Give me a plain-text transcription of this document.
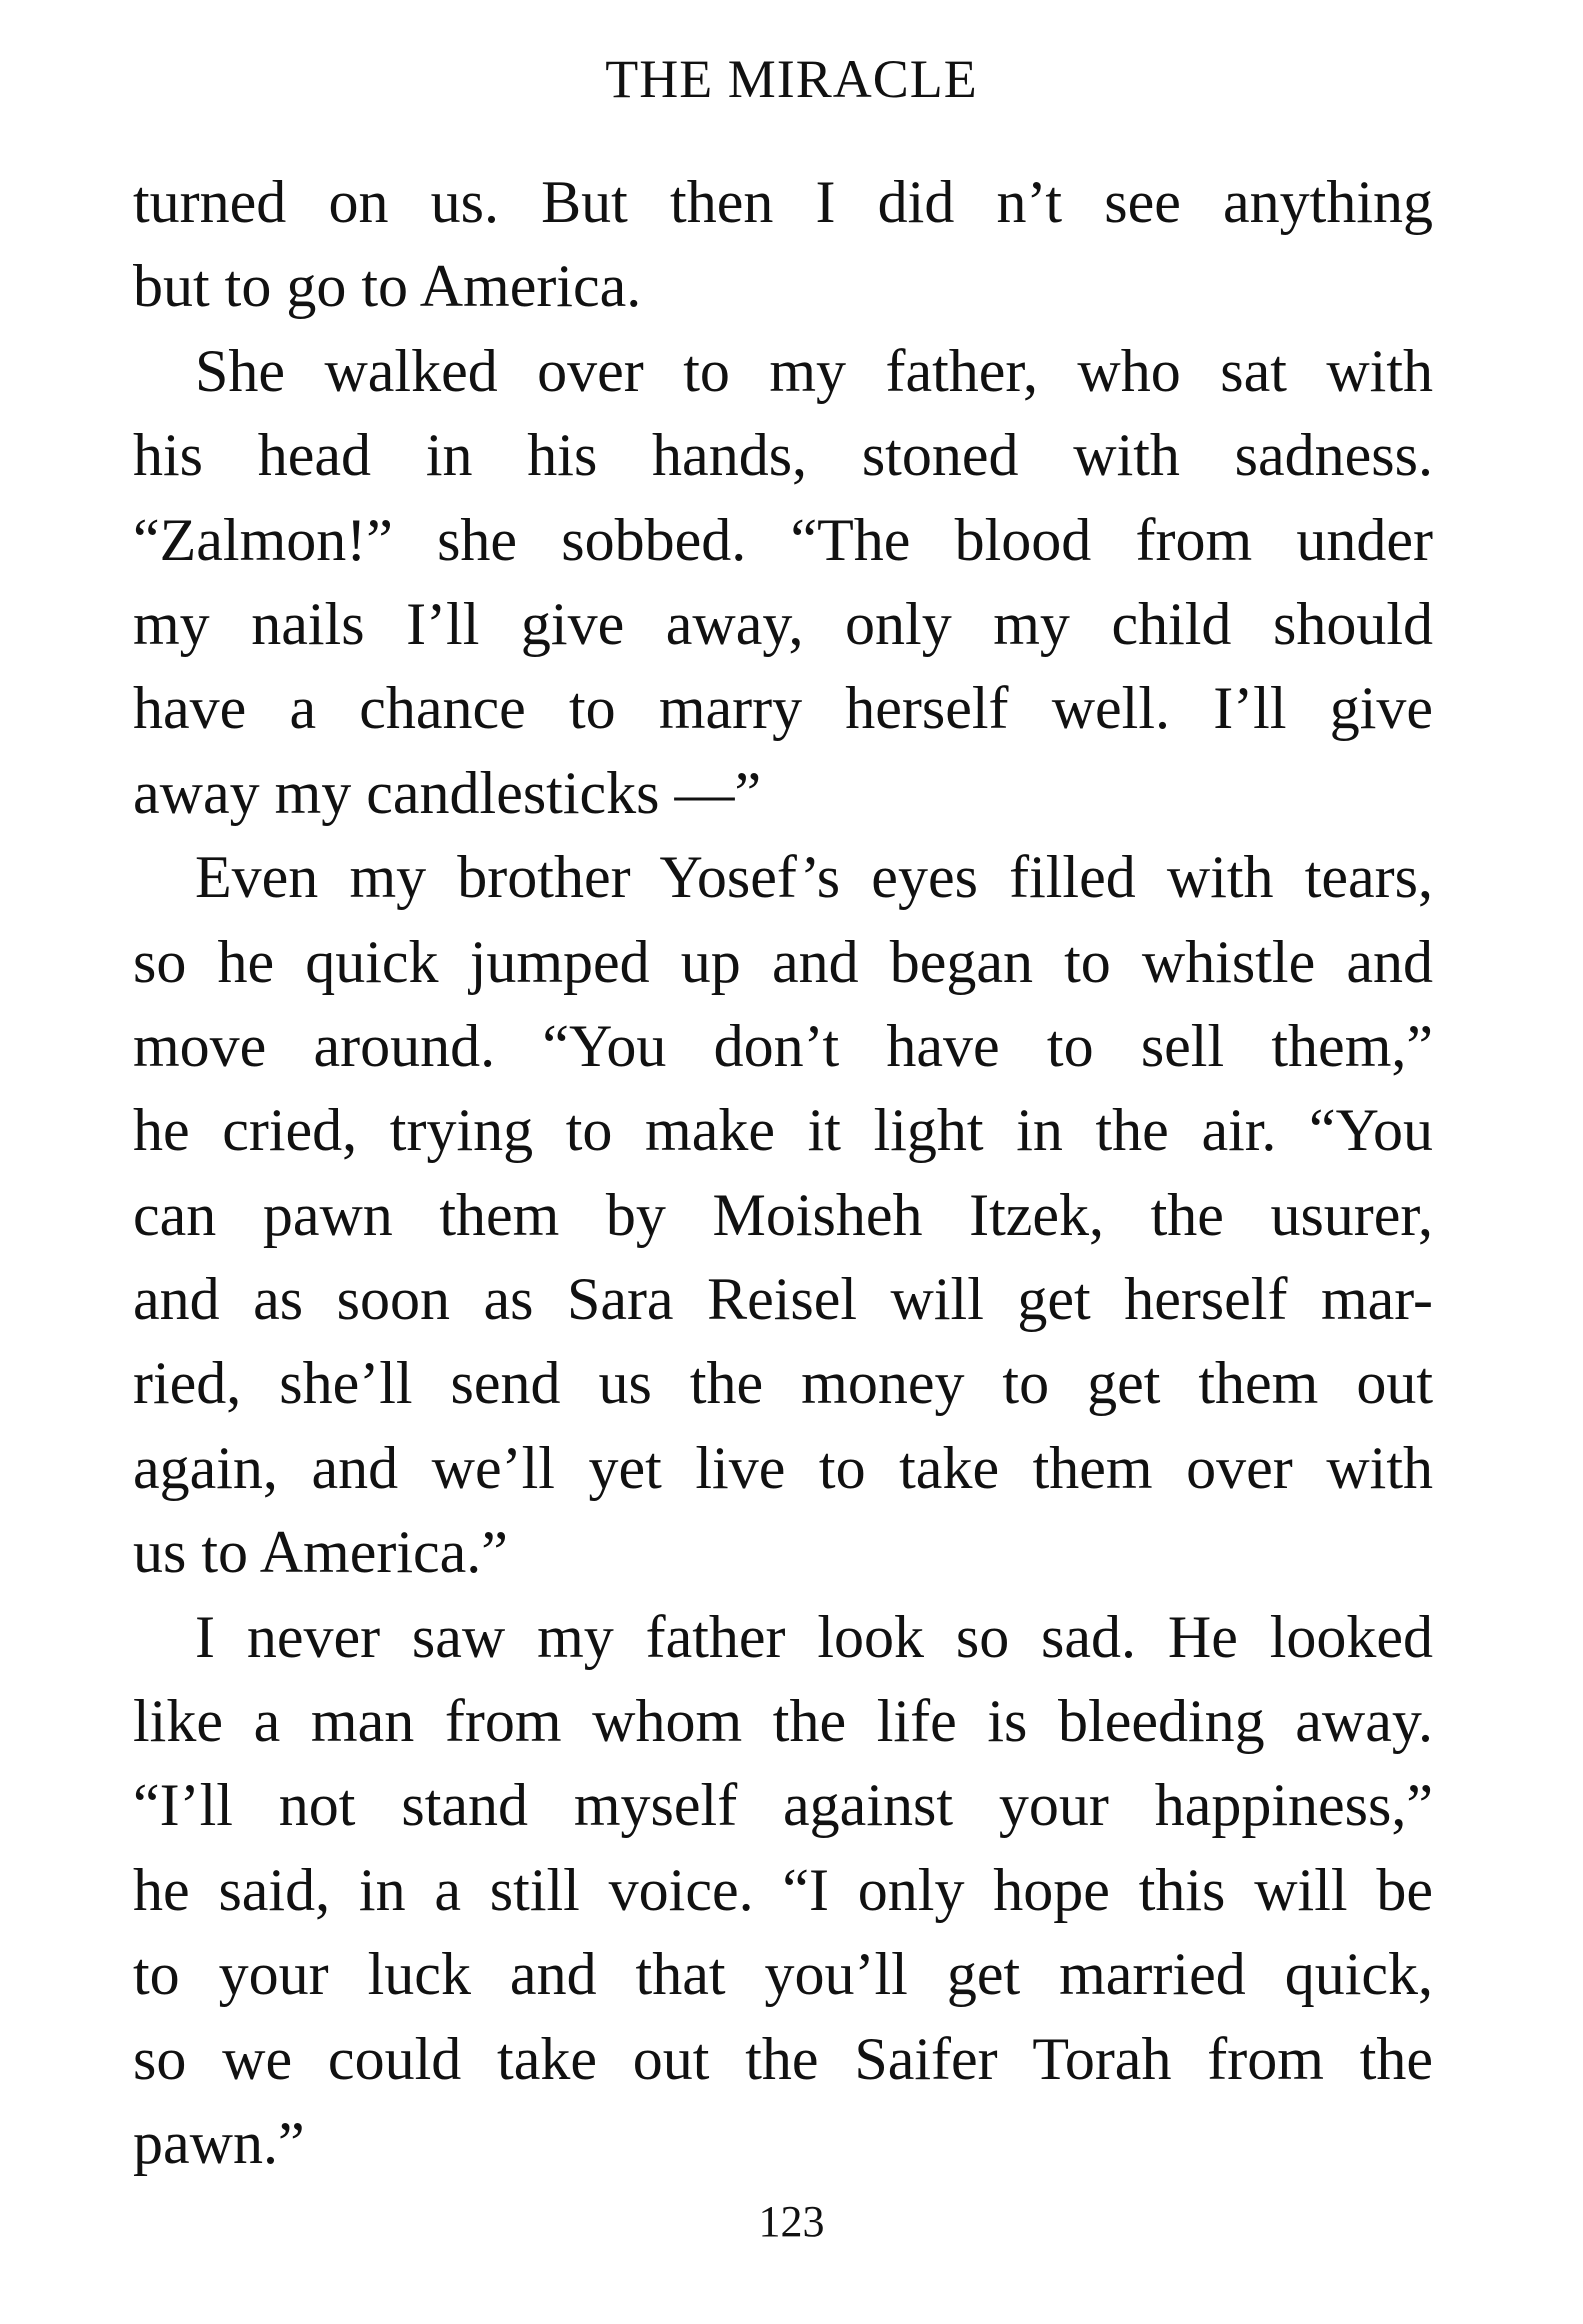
THE MIRACLE
turned on us. But then I did n’t see anything
but to go to America.
She walked over to my father, who sat with
his head in his hands, stoned with sadness.
“Zalmon!” she sobbed. “The blood from under
my nails I’ll give away, only my child should
have a chance to marry herself well. I’ll give
away my candlesticks —”
Even my brother Yosef’s eyes filled with tears,
so he quick jumped up and began to whistle and
move around. “You don’t have to sell them,”
he cried, trying to make it light in the air. “You
can pawn them by Moisheh Itzek, the usurer,
and as soon as Sara Reisel will get herself mar-
ried, she’ll send us the money to get them out
again, and we’ll yet live to take them over with
us to America.”
I never saw my father look so sad. He looked
like a man from whom the life is bleeding away.
“I’ll not stand myself against your happiness,”
he said, in a still voice. “I only hope this will be
to your luck and that you’ll get married quick,
so we could take out the Saifer Torah from the
pawn.”
123
